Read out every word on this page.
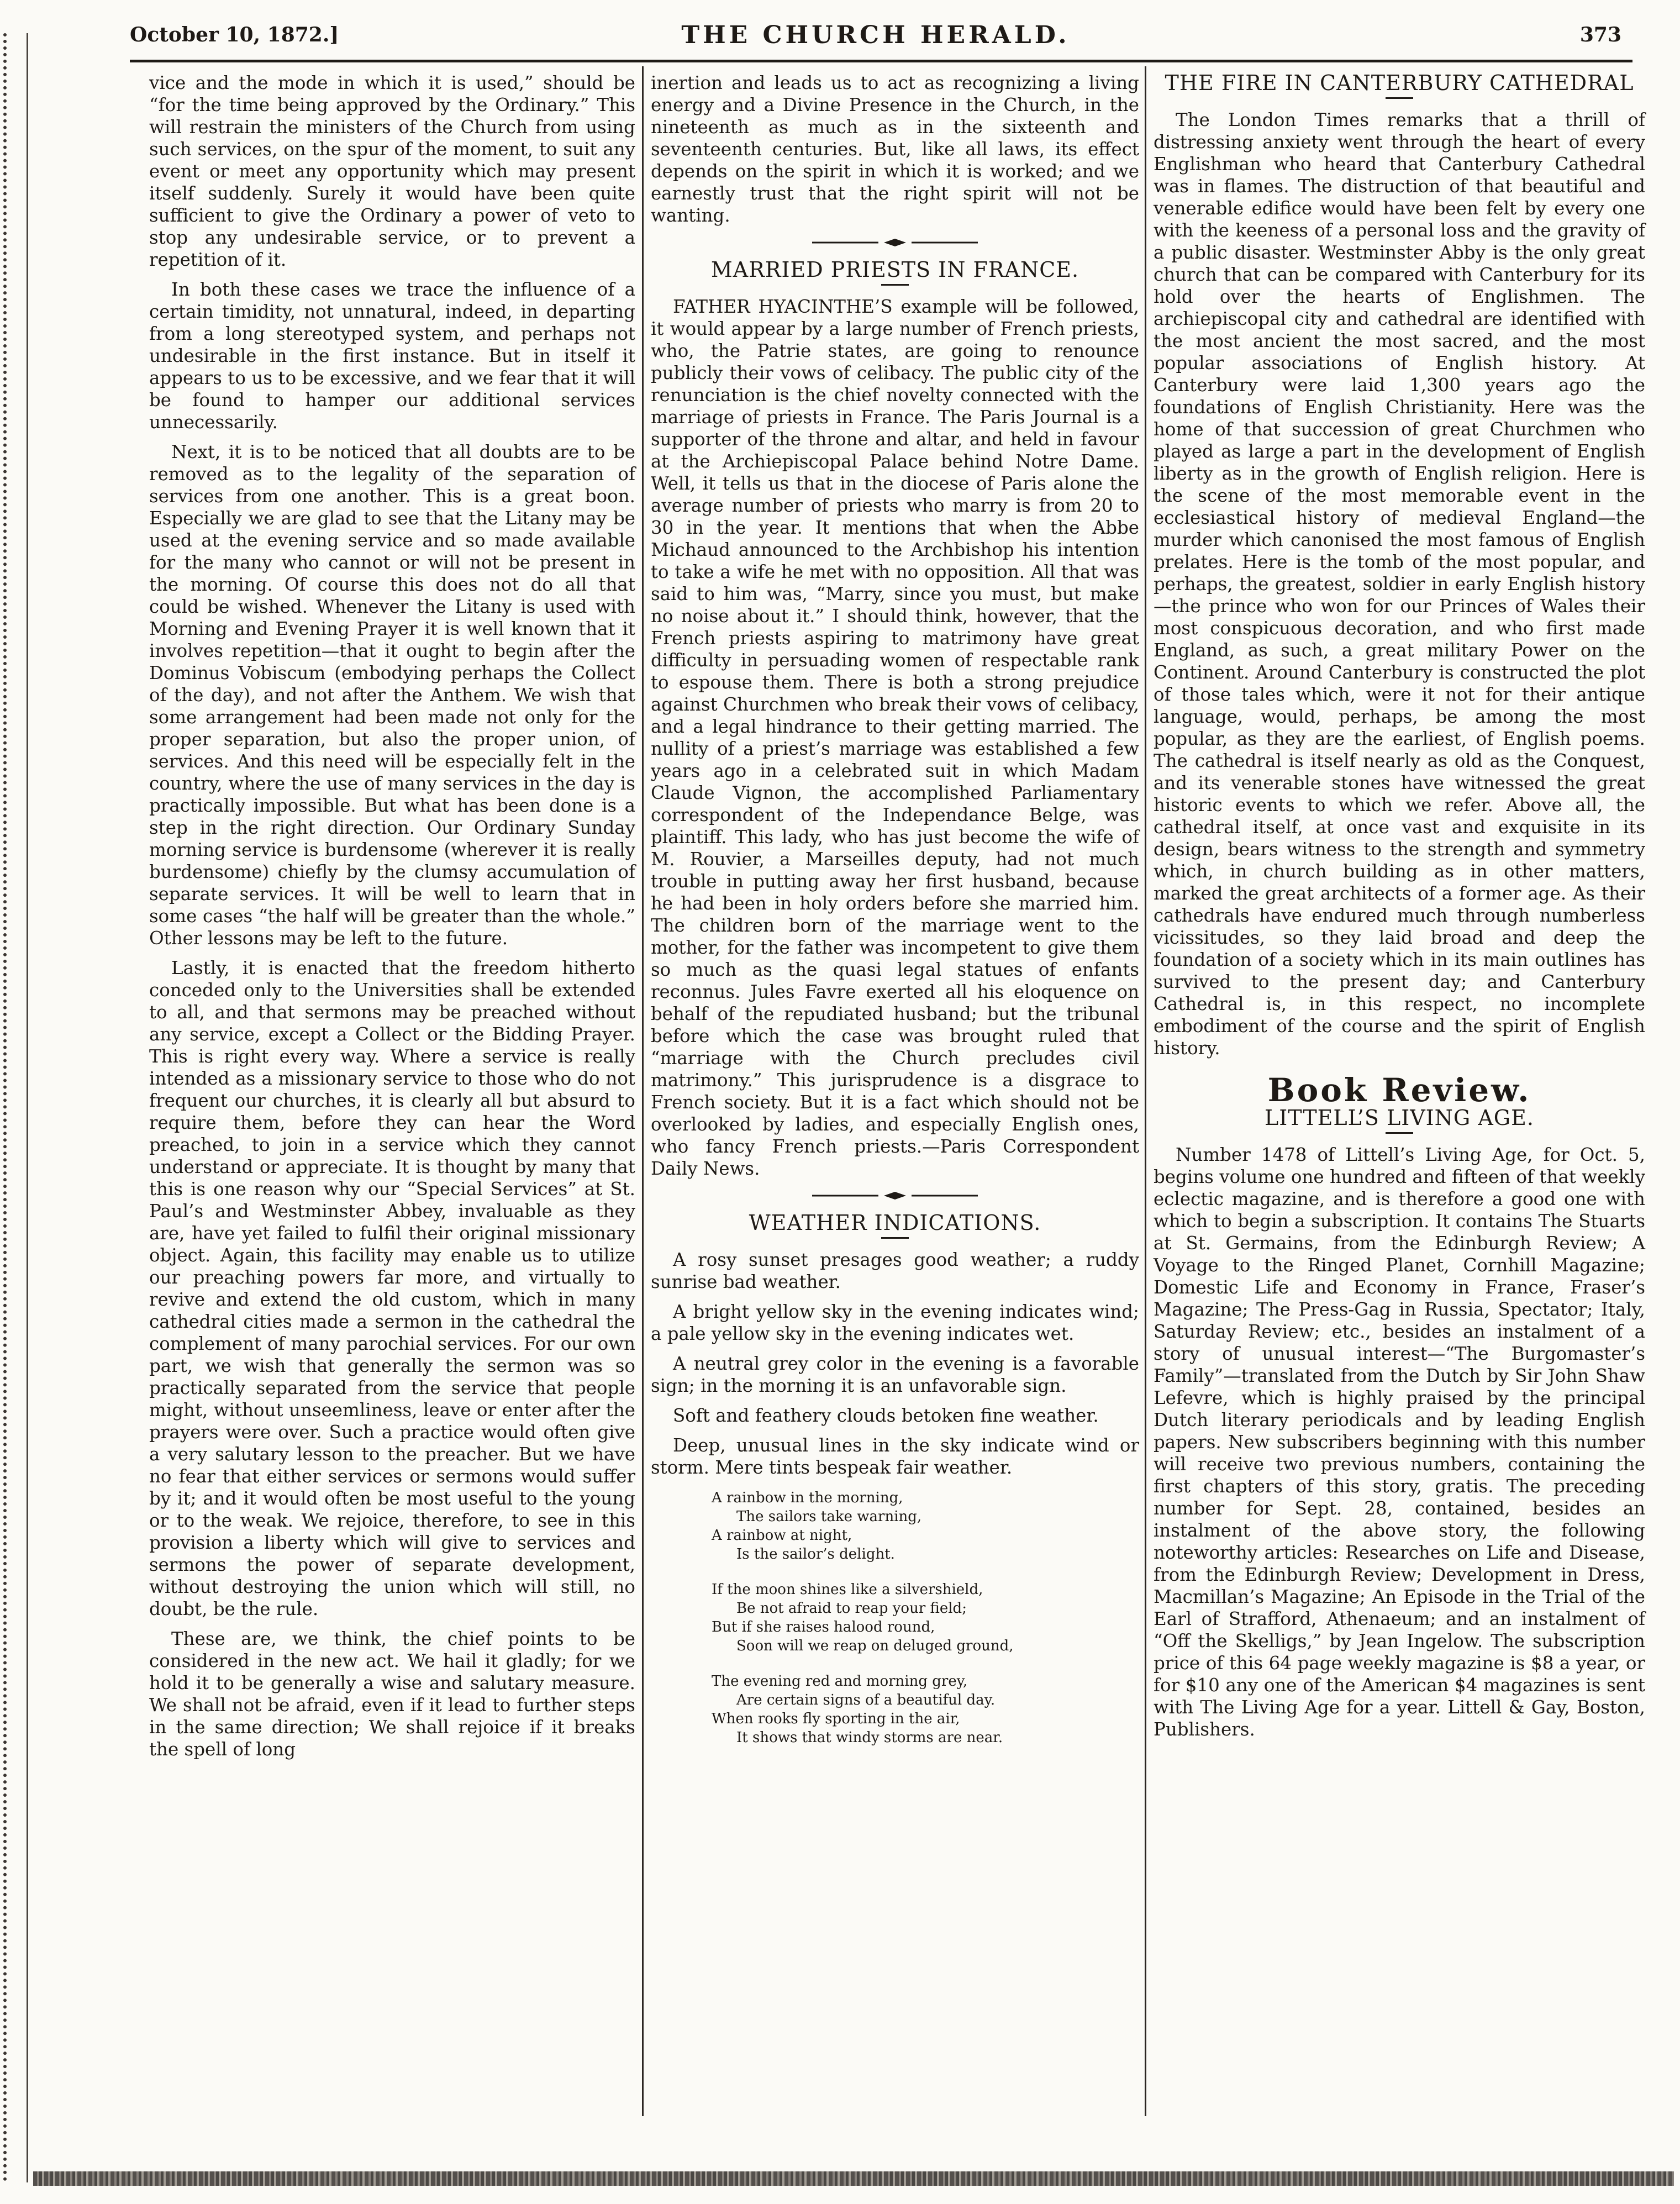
October 10, 1872.]	THE CHURCH HERALD.	373

vice and the mode in which it is used,” should be “for the time being approved by the Ordinary.” This will restrain the ministers of the Church from using such services, on the spur of the moment, to suit any event or meet any opportunity which may present itself suddenly. Surely it would have been quite sufficient to give the Ordinary a power of veto to stop any undesirable service, or to prevent a repetition of it.

In both these cases we trace the influence of a certain timidity, not unnatural, indeed, in departing from a long stereotyped system, and perhaps not undesirable in the first instance. But in itself it appears to us to be excessive, and we fear that it will be found to hamper our additional services unnecessarily.

Next, it is to be noticed that all doubts are to be removed as to the legality of the separation of services from one another. This is a great boon. Especially we are glad to see that the Litany may be used at the evening service and so made available for the many who cannot or will not be present in the morning. Of course this does not do all that could be wished. Whenever the Litany is used with Morning and Evening Prayer it is well known that it involves repetition—that it ought to begin after the Dominus Vobiscum (embodying perhaps the Collect of the day), and not after the Anthem. We wish that some arrangement had been made not only for the proper separation, but also the proper union, of services. And this need will be especially felt in the country, where the use of many services in the day is practically impossible. But what has been done is a step in the right direction. Our Ordinary Sunday morning service is burdensome (wherever it is really burdensome) chiefly by the clumsy accumulation of separate services. It will be well to learn that in some cases “the half will be greater than the whole.” Other lessons may be left to the future.

Lastly, it is enacted that the freedom hitherto conceded only to the Universities shall be extended to all, and that sermons may be preached without any service, except a Collect or the Bidding Prayer. This is right every way. Where a service is really intended as a missionary service to those who do not frequent our churches, it is clearly all but absurd to require them, before they can hear the Word preached, to join in a service which they cannot understand or appreciate. It is thought by many that this is one reason why our “Special Services” at St. Paul’s and Westminster Abbey, invaluable as they are, have yet failed to fulfil their original missionary object. Again, this facility may enable us to utilize our preaching powers far more, and virtually to revive and extend the old custom, which in many cathedral cities made a sermon in the cathedral the complement of many parochial services. For our own part, we wish that generally the sermon was so practically separated from the service that people might, without unseemliness, leave or enter after the prayers were over. Such a practice would often give a very salutary lesson to the preacher. But we have no fear that either services or sermons would suffer by it; and it would often be most useful to the young or to the weak. We rejoice, therefore, to see in this provision a liberty which will give to services and sermons the power of separate development, without destroying the union which will still, no doubt, be the rule.

These are, we think, the chief points to be considered in the new act. We hail it gladly; for we hold it to be generally a wise and salutary measure. We shall not be afraid, even if it lead to further steps in the same direction; We shall rejoice if it breaks the spell of long

inertion and leads us to act as recognizing a living energy and a Divine Presence in the Church, in the nineteenth as much as in the sixteenth and seventeenth centuries. But, like all laws, its effect depends on the spirit in which it is worked; and we earnestly trust that the right spirit will not be wanting.

MARRIED PRIESTS IN FRANCE.

FATHER HYACINTHE’S example will be followed, it would appear by a large number of French priests, who, the Patrie states, are going to renounce publicly their vows of celibacy. The public city of the renunciation is the chief novelty connected with the marriage of priests in France. The Paris Journal is a supporter of the throne and altar, and held in favour at the Archiepiscopal Palace behind Notre Dame. Well, it tells us that in the diocese of Paris alone the average number of priests who marry is from 20 to 30 in the year. It mentions that when the Abbe Michaud announced to the Archbishop his intention to take a wife he met with no opposition. All that was said to him was, “Marry, since you must, but make no noise about it.” I should think, however, that the French priests aspiring to matrimony have great difficulty in persuading women of respectable rank to espouse them. There is both a strong prejudice against Churchmen who break their vows of celibacy, and a legal hindrance to their getting married. The nullity of a priest’s marriage was established a few years ago in a celebrated suit in which Madam Claude Vignon, the accomplished Parliamentary correspondent of the Independance Belge, was plaintiff. This lady, who has just become the wife of M. Rouvier, a Marseilles deputy, had not much trouble in putting away her first husband, because he had been in holy orders before she married him. The children born of the marriage went to the mother, for the father was incompetent to give them so much as the quasi legal statues of enfants reconnus. Jules Favre exerted all his eloquence on behalf of the repudiated husband; but the tribunal before which the case was brought ruled that “marriage with the Church precludes civil matrimony.” This jurisprudence is a disgrace to French society. But it is a fact which should not be overlooked by ladies, and especially English ones, who fancy French priests.—Paris Correspondent Daily News.

WEATHER INDICATIONS.

A rosy sunset presages good weather; a ruddy sunrise bad weather.

A bright yellow sky in the evening indicates wind; a pale yellow sky in the evening indicates wet.

A neutral grey color in the evening is a favorable sign; in the morning it is an unfavorable sign.

Soft and feathery clouds betoken fine weather.

Deep, unusual lines in the sky indicate wind or storm. Mere tints bespeak fair weather.

A rainbow in the morning,
The sailors take warning,
A rainbow at night,
Is the sailor’s delight.
If the moon shines like a silvershield,
Be not afraid to reap your field;
But if she raises halood round,
Soon will we reap on deluged ground,
The evening red and morning grey,
Are certain signs of a beautiful day.
When rooks fly sporting in the air,
It shows that windy storms are near.
THE FIRE IN CANTERBURY CATHEDRAL

The London Times remarks that a thrill of distressing anxiety went through the heart of every Englishman who heard that Canterbury Cathedral was in flames. The distruction of that beautiful and venerable edifice would have been felt by every one with the keeness of a personal loss and the gravity of a public disaster. Westminster Abby is the only great church that can be compared with Canterbury for its hold over the hearts of Englishmen. The archiepiscopal city and cathedral are identified with the most ancient the most sacred, and the most popular associations of English history. At Canterbury were laid 1,300 years ago the foundations of English Christianity. Here was the home of that succession of great Churchmen who played as large a part in the development of English liberty as in the growth of English religion. Here is the scene of the most memorable event in the ecclesiastical history of medieval England—the murder which canonised the most famous of English prelates. Here is the tomb of the most popular, and perhaps, the greatest, soldier in early English history—the prince who won for our Princes of Wales their most conspicuous decoration, and who first made England, as such, a great military Power on the Continent. Around Canterbury is constructed the plot of those tales which, were it not for their antique language, would, perhaps, be among the most popular, as they are the earliest, of English poems. The cathedral is itself nearly as old as the Conquest, and its venerable stones have witnessed the great historic events to which we refer. Above all, the cathedral itself, at once vast and exquisite in its design, bears witness to the strength and symmetry which, in church building as in other matters, marked the great architects of a former age. As their cathedrals have endured much through numberless vicissitudes, so they laid broad and deep the foundation of a society which in its main outlines has survived to the present day; and Canterbury Cathedral is, in this respect, no incomplete embodiment of the course and the spirit of English history.

Book Review.
LITTELL’S LIVING AGE.

Number 1478 of Littell’s Living Age, for Oct. 5, begins volume one hundred and fifteen of that weekly eclectic magazine, and is therefore a good one with which to begin a subscription. It contains The Stuarts at St. Germains, from the Edinburgh Review; A Voyage to the Ringed Planet, Cornhill Magazine; Domestic Life and Economy in France, Fraser’s Magazine; The Press-Gag in Russia, Spectator; Italy, Saturday Review; etc., besides an instalment of a story of unusual interest—“The Burgomaster’s Family”—translated from the Dutch by Sir John Shaw Lefevre, which is highly praised by the principal Dutch literary periodicals and by leading English papers. New subscribers beginning with this number will receive two previous numbers, containing the first chapters of this story, gratis. The preceding number for Sept. 28, contained, besides an instalment of the above story, the following noteworthy articles: Researches on Life and Disease, from the Edinburgh Review; Development in Dress, Macmillan’s Magazine; An Episode in the Trial of the Earl of Strafford, Athenaeum; and an instalment of “Off the Skelligs,” by Jean Ingelow. The subscription price of this 64 page weekly magazine is $8 a year, or for $10 any one of the American $4 magazines is sent with The Living Age for a year. Littell & Gay, Boston, Publishers.
